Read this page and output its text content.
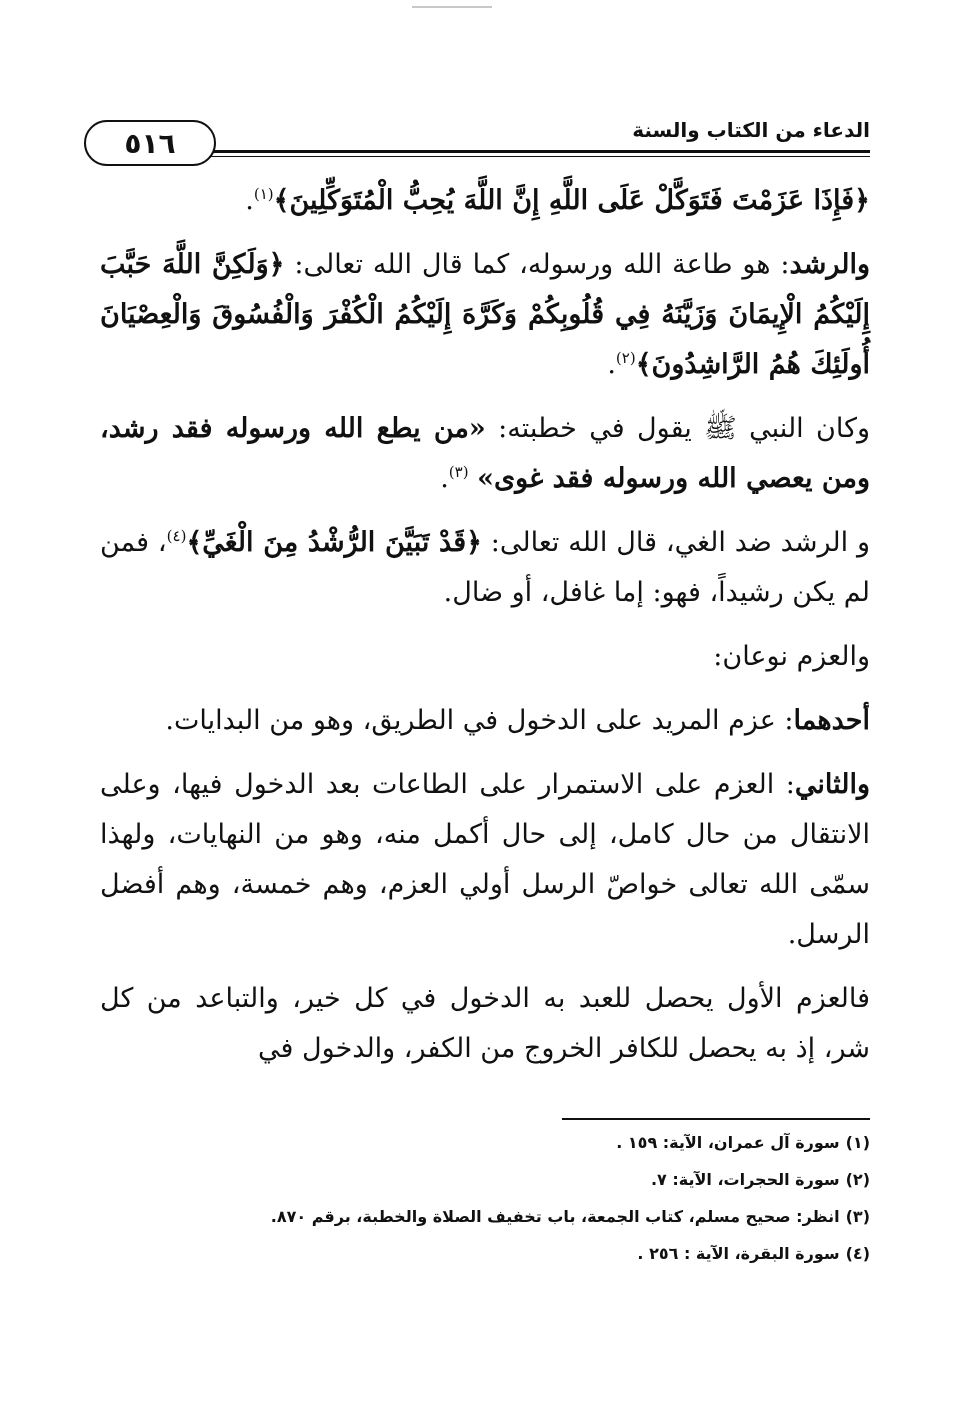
الدعاء من الكتاب والسنة
٥١٦

﴿فَإِذَا عَزَمْتَ فَتَوَكَّلْ عَلَى اللَّهِ إِنَّ اللَّهَ يُحِبُّ الْمُتَوَكِّلِينَ﴾$^{(١)}$.

والرشد: هو طاعة الله ورسوله، كما قال الله تعالى: ﴿وَلَكِنَّ اللَّهَ حَبَّبَ إِلَيْكُمُ الْإِيمَانَ وَزَيَّنَهُ فِي قُلُوبِكُمْ وَكَرَّهَ إِلَيْكُمُ الْكُفْرَ وَالْفُسُوقَ وَالْعِصْيَانَ أُولَئِكَ هُمُ الرَّاشِدُونَ﴾$^{(٢)}$.

وكان النبي ﷺ يقول في خطبته: «من يطع الله ورسوله فقد رشد، ومن يعصي الله ورسوله فقد غوى» $^{(٣)}$.

و الرشد ضد الغي، قال الله تعالى: ﴿قَدْ تَبَيَّنَ الرُّشْدُ مِنَ الْغَيِّ﴾$^{(٤)}$، فمن لم يكن رشيداً، فهو: إما غافل، أو ضال.

والعزم نوعان:

أحدهما: عزم المريد على الدخول في الطريق، وهو من البدايات.

والثاني: العزم على الاستمرار على الطاعات بعد الدخول فيها، وعلى الانتقال من حال كامل، إلى حال أكمل منه، وهو من النهايات، ولهذا سمّى الله تعالى خواصّ الرسل أولي العزم، وهم خمسة، وهم أفضل الرسل.

فالعزم الأول يحصل للعبد به الدخول في كل خير، والتباعد من كل شر، إذ به يحصل للكافر الخروج من الكفر، والدخول في

(١)سورة آل عمران، الآية: ١٥٩ .

(٢)سورة الحجرات، الآية: ٧.

(٣)انظر: صحيح مسلم، كتاب الجمعة، باب تخفيف الصلاة والخطبة، برقم ٨٧٠.

(٤)سورة البقرة، الآية : ٢٥٦ .
